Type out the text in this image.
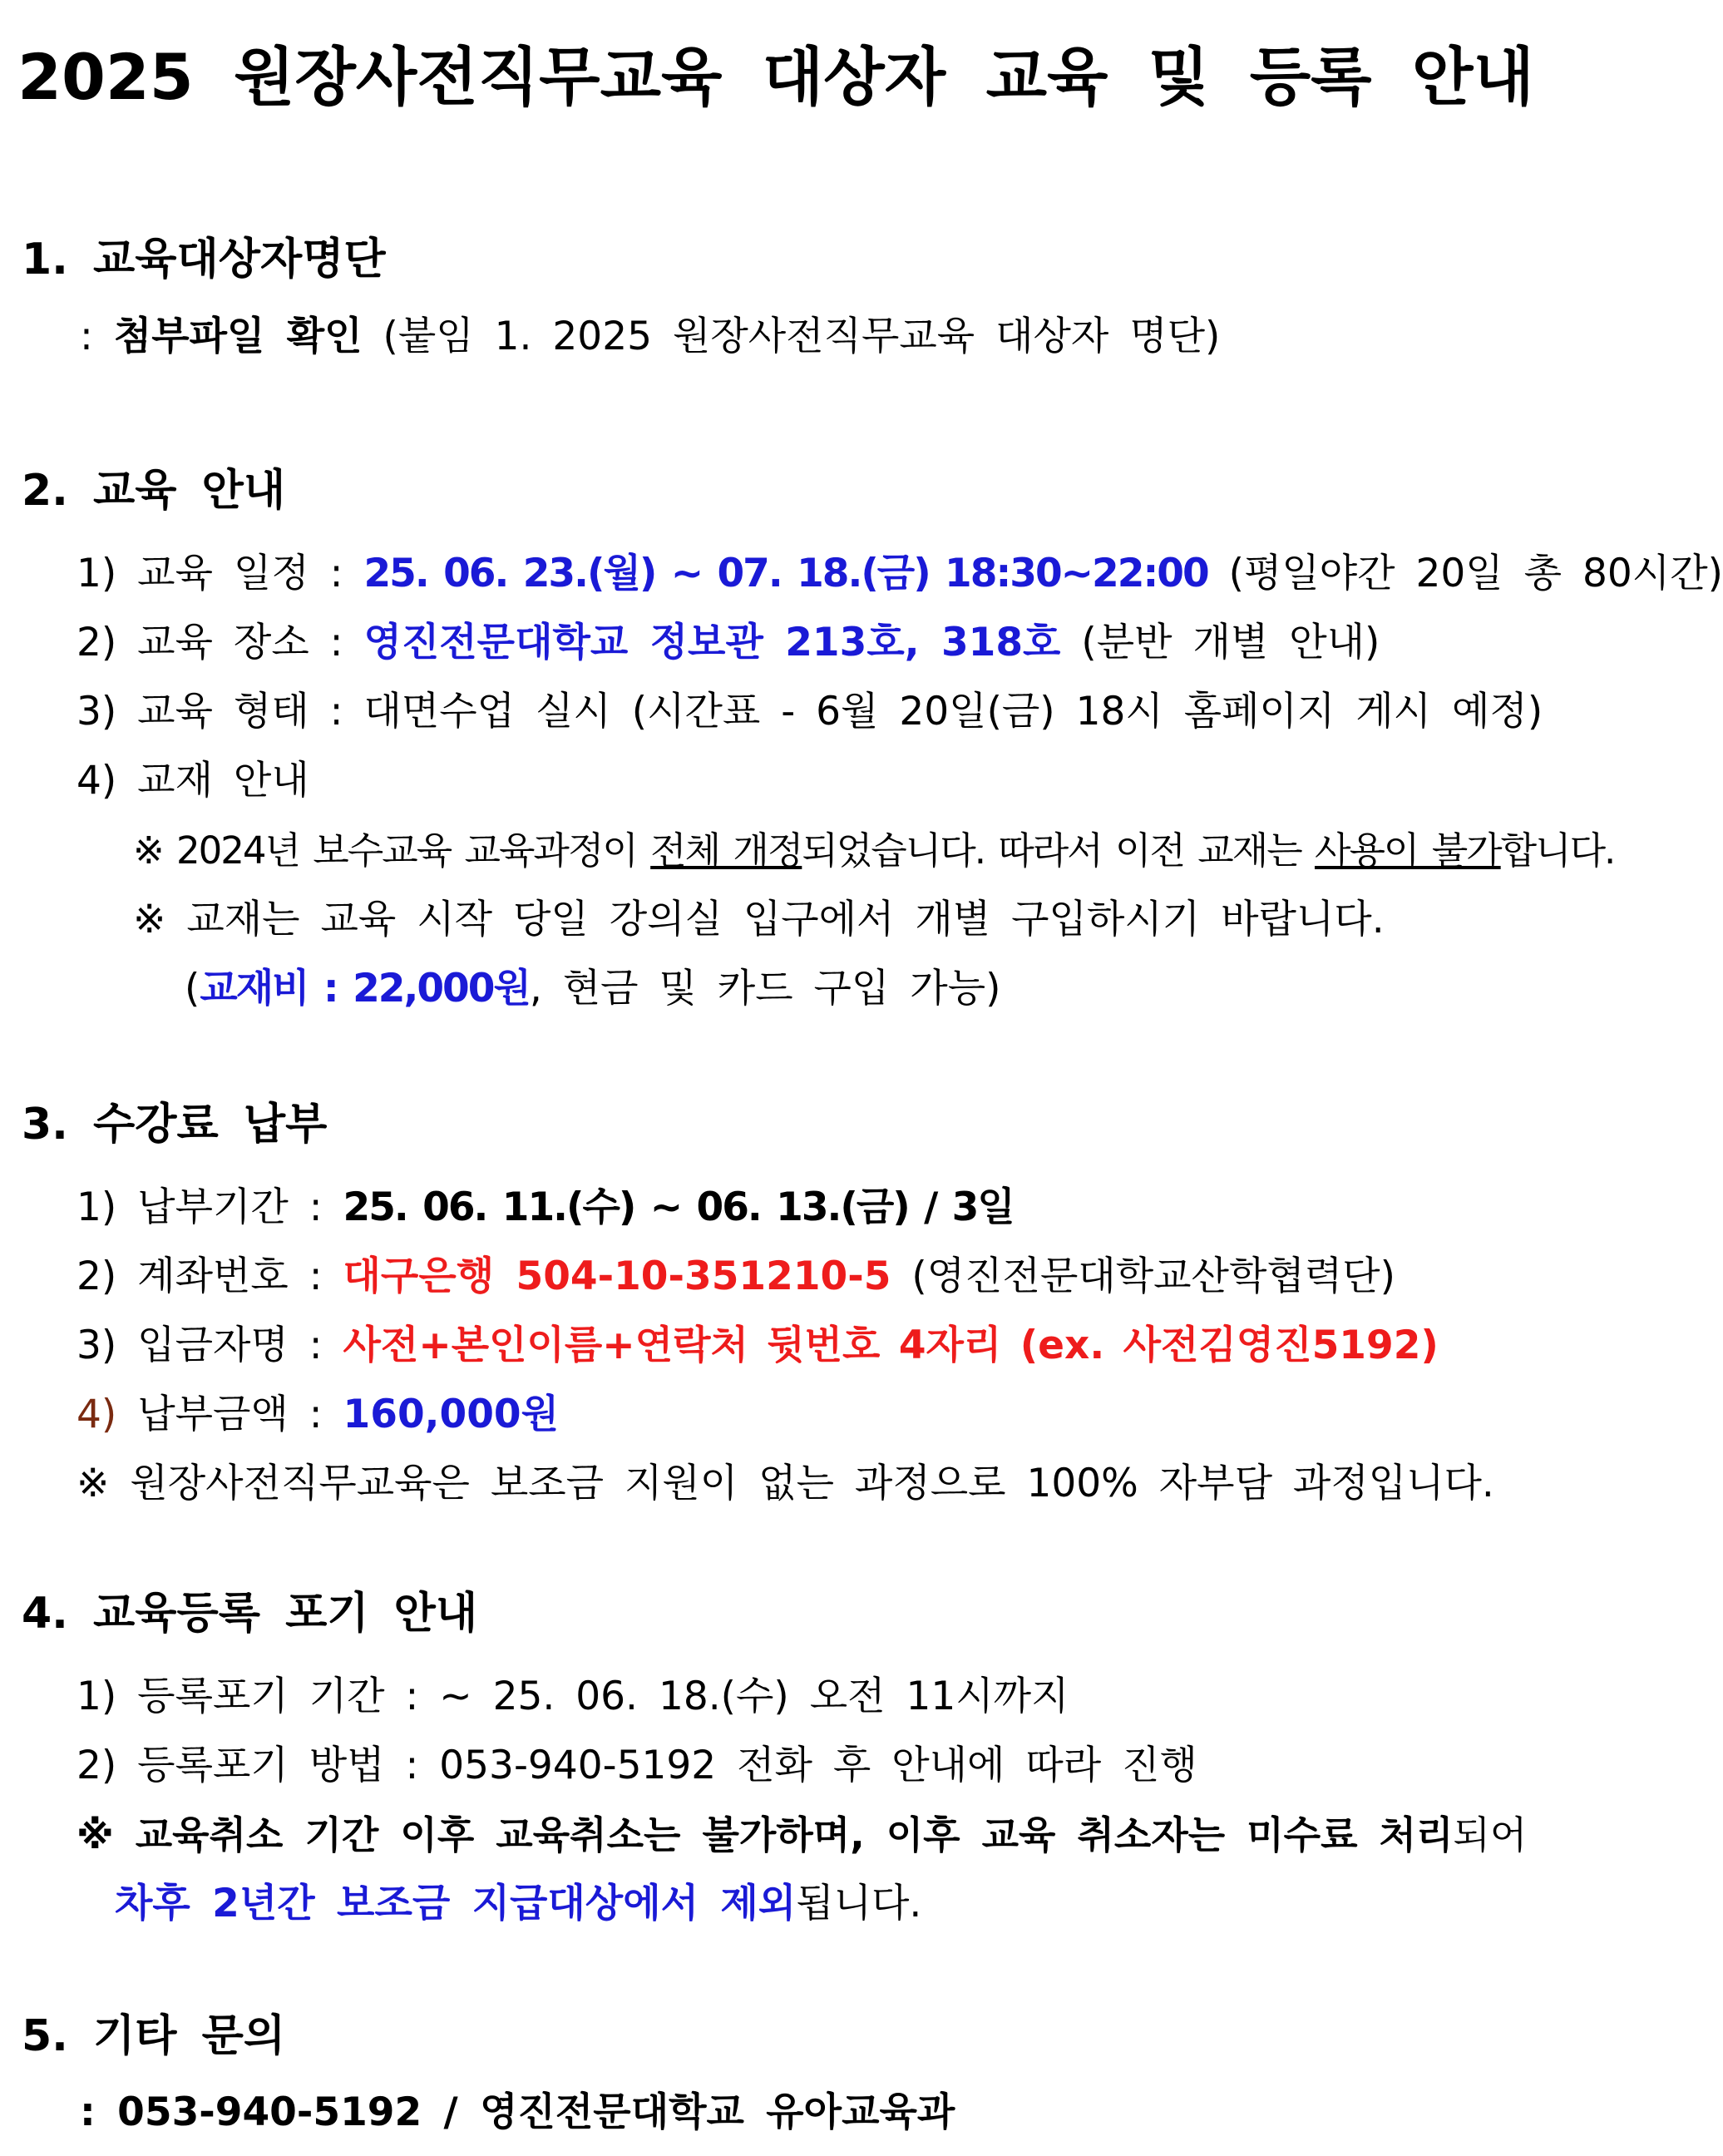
2025 원장사전직무교육 대상자 교육 및 등록 안내
1. 교육대상자명단
: 첨부파일 확인 (붙임 1. 2025 원장사전직무교육 대상자 명단)
2. 교육 안내
1) 교육 일정 : 25. 06. 23.(월) ~ 07. 18.(금) 18:30~22:00 (평일야간 20일 총 80시간)
2) 교육 장소 : 영진전문대학교 정보관 213호, 318호 (분반 개별 안내)
3) 교육 형태 : 대면수업 실시 (시간표 - 6월 20일(금) 18시 홈페이지 게시 예정)
4) 교재 안내
※ 2024년 보수교육 교육과정이 전체 개정되었습니다. 따라서 이전 교재는 사용이 불가합니다.
※ 교재는 교육 시작 당일 강의실 입구에서 개별 구입하시기 바랍니다.
(교재비 : 22,000원, 현금 및 카드 구입 가능)
3. 수강료 납부
1) 납부기간 : 25. 06. 11.(수) ~ 06. 13.(금) / 3일
2) 계좌번호 : 대구은행 504-10-351210-5 (영진전문대학교산학협력단)
3) 입금자명 : 사전+본인이름+연락처 뒷번호 4자리 (ex. 사전김영진5192)
4) 납부금액 : 160,000원
※ 원장사전직무교육은 보조금 지원이 없는 과정으로 100% 자부담 과정입니다.
4. 교육등록 포기 안내
1) 등록포기 기간 : ~ 25. 06. 18.(수) 오전 11시까지
2) 등록포기 방법 : 053-940-5192 전화 후 안내에 따라 진행
※ 교육취소 기간 이후 교육취소는 불가하며, 이후 교육 취소자는 미수료 처리되어
차후 2년간 보조금 지급대상에서 제외됩니다.
5. 기타 문의
: 053-940-5192 / 영진전문대학교 유아교육과
